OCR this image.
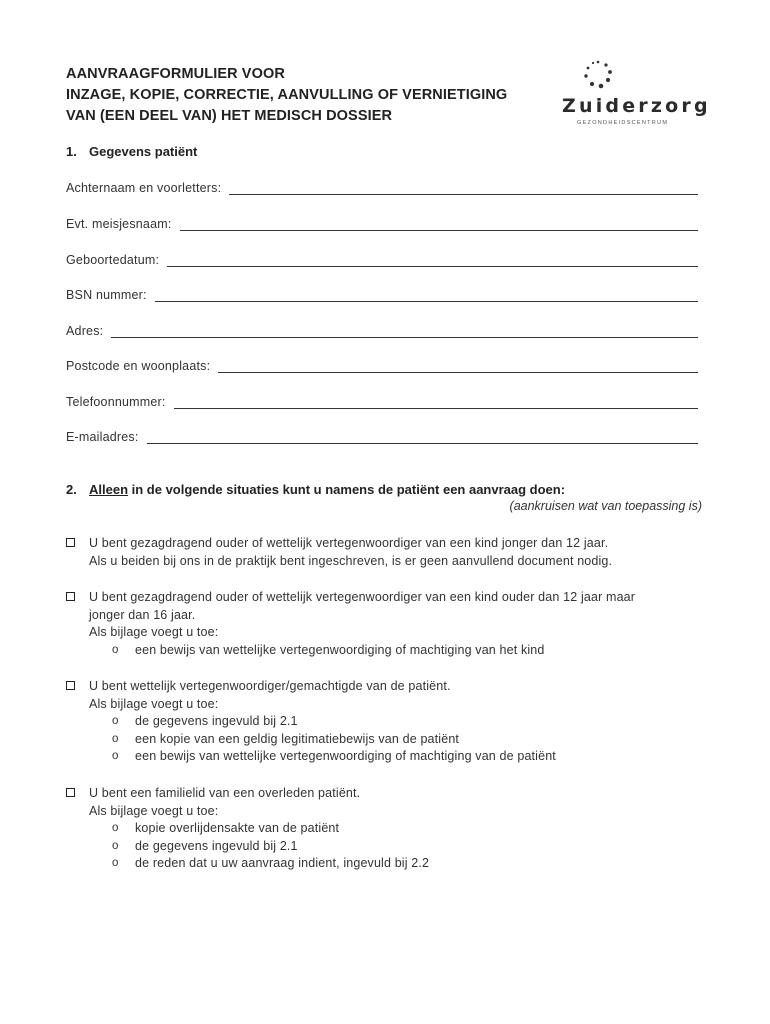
AANVRAAGFORMULIER VOOR
INZAGE, KOPIE, CORRECTIE, AANVULLING OF VERNIETIGING
VAN (EEN DEEL VAN) HET MEDISCH DOSSIER	Zuiderzorg
GEZONDHEIDSCENTRUM
1. Gegevens patiënt
Achternaam en voorletters:
Evt. meisjesnaam:
Geboortedatum:
BSN nummer:
Adres:
Postcode en woonplaats:
Telefoonnummer:
E-mailadres:
2. Alleen in de volgende situaties kunt u namens de patiënt een aanvraag doen:
(aankruisen wat van toepassing is)
U bent gezagdragend ouder of wettelijk vertegenwoordiger van een kind jonger dan 12 jaar.
Als u beiden bij ons in de praktijk bent ingeschreven, is er geen aanvullend document nodig.
U bent gezagdragend ouder of wettelijk vertegenwoordiger van een kind ouder dan 12 jaar maar
jonger dan 16 jaar.
Als bijlage voegt u toe:
o een bewijs van wettelijke vertegenwoordiging of machtiging van het kind
U bent wettelijk vertegenwoordiger/gemachtigde van de patiënt.
Als bijlage voegt u toe:
o de gegevens ingevuld bij 2.1
o een kopie van een geldig legitimatiebewijs van de patiënt
o een bewijs van wettelijke vertegenwoordiging of machtiging van de patiënt
U bent een familielid van een overleden patiënt.
Als bijlage voegt u toe:
o kopie overlijdensakte van de patiënt
o de gegevens ingevuld bij 2.1
o de reden dat u uw aanvraag indient, ingevuld bij 2.2
